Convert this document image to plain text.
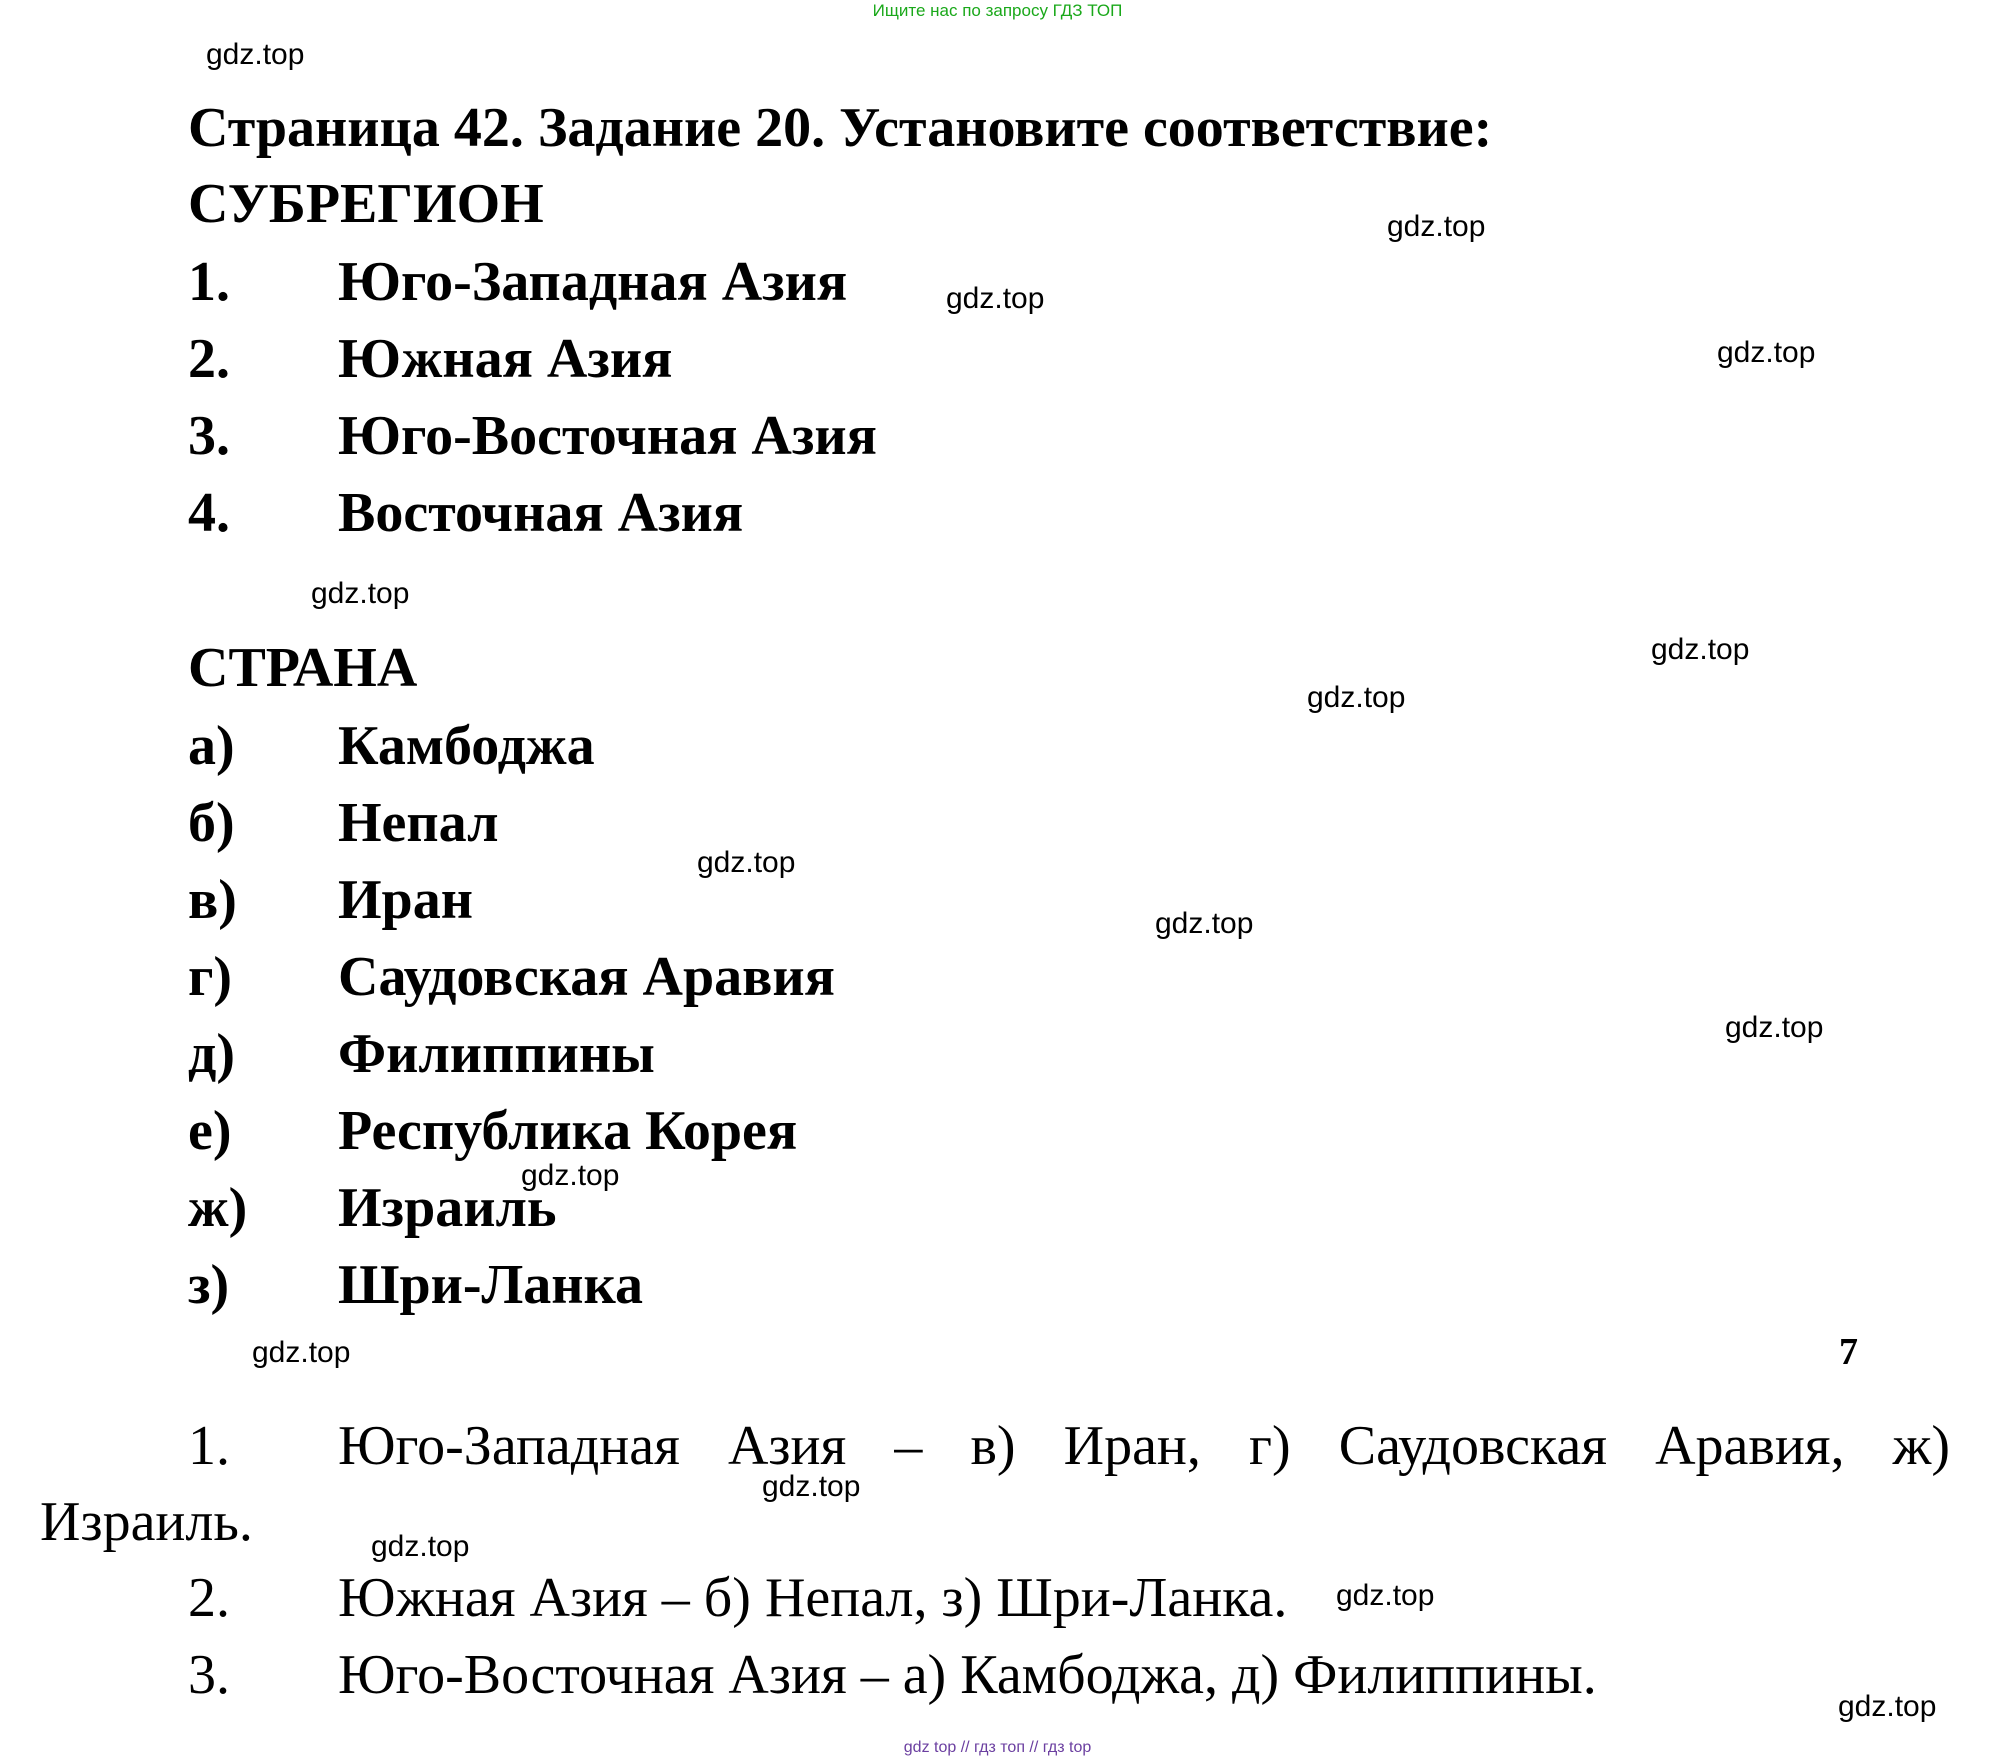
Ищите нас по запросу ГДЗ ТОП
Страница 42. Задание 20. Установите соответствие:
СУБРЕГИОН
1. Юго-Западная Азия
2. Южная Азия
3. Юго-Восточная Азия
4. Восточная Азия
СТРАНА
а) Камбоджа
б) Непал
в) Иран
г) Саудовская Аравия
д) Филиппины
е) Республика Корея
ж) Израиль
з) Шри-Ланка
7
1. Юго-Западная Азия – в) Иран, г) Саудовская Аравия, ж)
Израиль.
2. Южная Азия – б) Непал, з) Шри-Ланка.
3. Юго-Восточная Азия – а) Камбоджа, д) Филиппины.
gdz.top
gdz.top
gdz.top
gdz.top
gdz.top
gdz.top
gdz.top
gdz.top
gdz.top
gdz.top
gdz.top
gdz.top
gdz.top
gdz.top
gdz.top
gdz.top
gdz top // гдз топ // гдз top
